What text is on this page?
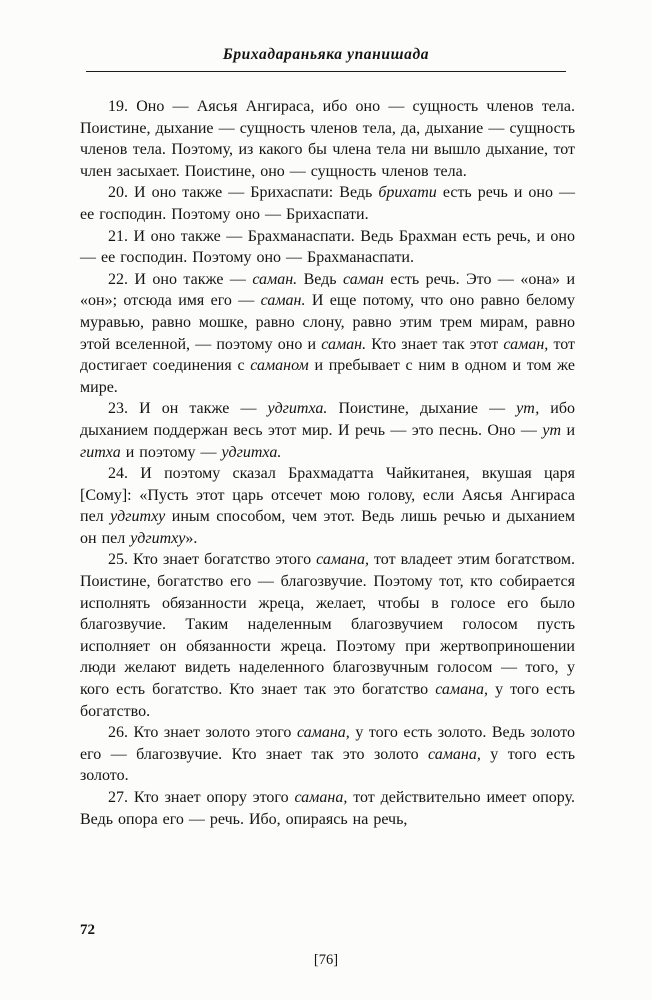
Брихадараньяка упанишада

19. Оно — Аясья Ангираса, ибо оно — сущность членов тела. Поистине, дыхание — сущность членов тела, да, дыхание — сущность членов тела. Поэтому, из какого бы члена тела ни вышло дыхание, тот член засыхает. Поистине, оно — сущность членов тела.

20. И оно также — Брихаспати: Ведь брихати есть речь и оно — ее господин. Поэтому оно — Брихаспати.

21. И оно также — Брахманаспати. Ведь Брахман есть речь, и оно — ее господин. Поэтому оно — Брахманаспати.

22. И оно также — саман. Ведь саман есть речь. Это — «она» и «он»; отсюда имя его — саман. И еще потому, что оно равно белому муравью, равно мошке, равно слону, равно этим трем мирам, равно этой вселенной, — поэтому оно и саман. Кто знает так этот саман, тот достигает соединения с саманом и пребывает с ним в одном и том же мире.

23. И он также — удгитха. Поистине, дыхание — ут, ибо дыханием поддержан весь этот мир. И речь — это песнь. Оно — ут и гитха и поэтому — удгитха.

24. И поэтому сказал Брахмадатта Чайкитанея, вкушая царя [Сому]: «Пусть этот царь отсечет мою голову, если Аясья Ангираса пел удгитху иным способом, чем этот. Ведь лишь речью и дыханием он пел удгитху».

25. Кто знает богатство этого самана, тот владеет этим богатством. Поистине, богатство его — благозвучие. Поэтому тот, кто собирается исполнять обязанности жреца, желает, чтобы в голосе его было благозвучие. Таким наделенным благозвучием голосом пусть исполняет он обязанности жреца. Поэтому при жертвоприношении люди желают видеть наделенного благозвучным голосом — того, у кого есть богатство. Кто знает так это богатство самана, у того есть богатство.

26. Кто знает золото этого самана, у того есть золото. Ведь золото его — благозвучие. Кто знает так это золото самана, у того есть золото.

27. Кто знает опору этого самана, тот действительно имеет опору. Ведь опора его — речь. Ибо, опираясь на речь,

72
[76]
